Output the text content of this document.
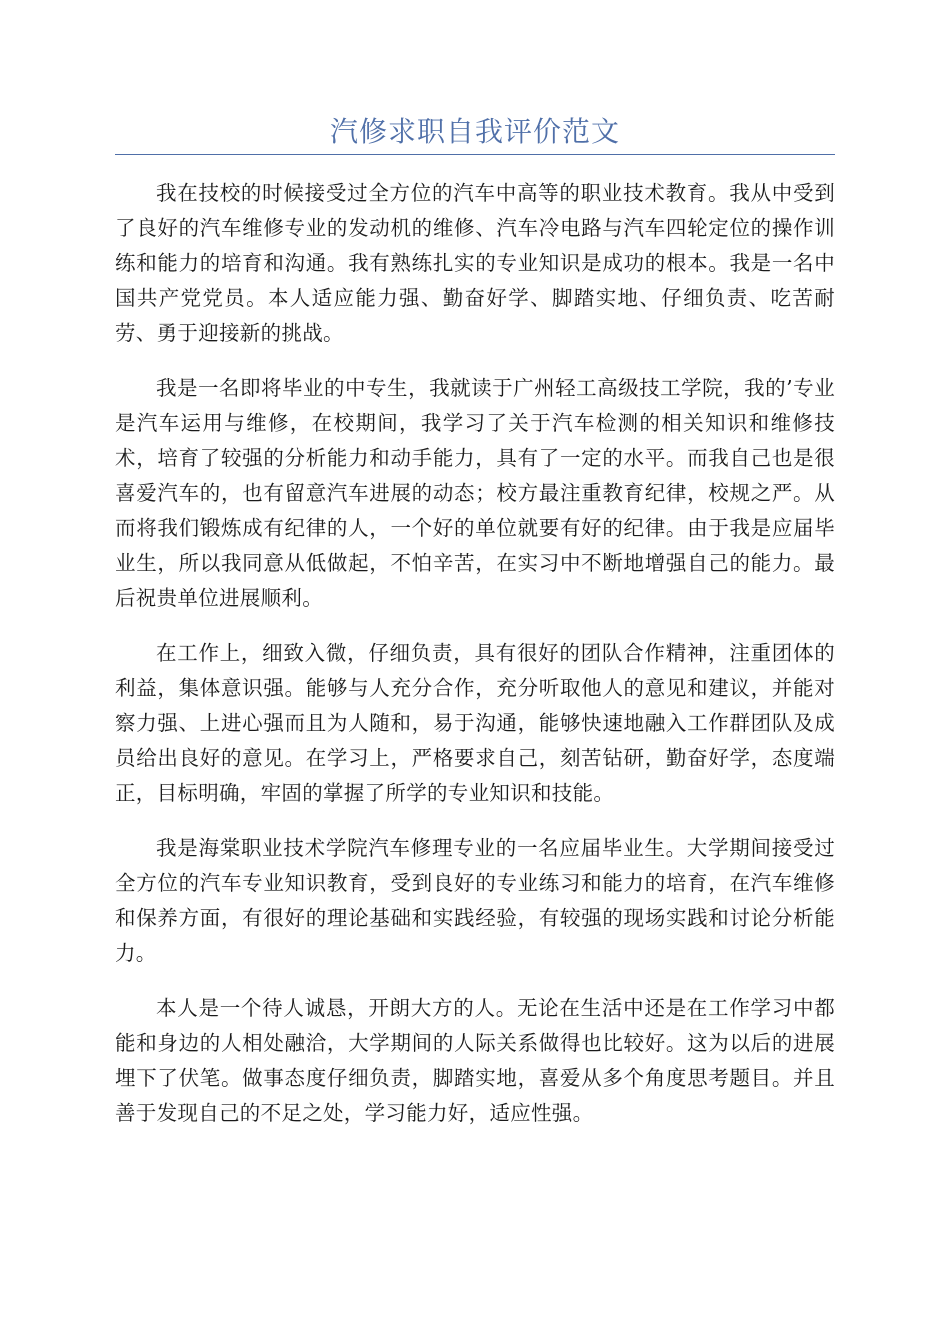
汽修求职自我评价范文

我在技校的时候接受过全方位的汽车中高等的职业技术教育。我从中受到了良好的汽车维修专业的发动机的维修、汽车冷电路与汽车四轮定位的操作训练和能力的培育和沟通。我有熟练扎实的专业知识是成功的根本。我是一名中国共产党党员。本人适应能力强、勤奋好学、脚踏实地、仔细负责、吃苦耐劳、勇于迎接新的挑战。

我是一名即将毕业的中专生，我就读于广州轻工高级技工学院，我的’专业是汽车运用与维修，在校期间，我学习了关于汽车检测的相关知识和维修技术，培育了较强的分析能力和动手能力，具有了一定的水平。而我自己也是很喜爱汽车的，也有留意汽车进展的动态；校方最注重教育纪律，校规之严。从而将我们锻炼成有纪律的人，一个好的单位就要有好的纪律。由于我是应届毕业生，所以我同意从低做起，不怕辛苦，在实习中不断地增强自己的能力。最后祝贵单位进展顺利。

在工作上，细致入微，仔细负责，具有很好的团队合作精神，注重团体的利益，集体意识强。能够与人充分合作，充分听取他人的意见和建议，并能对察力强、上进心强而且为人随和，易于沟通，能够快速地融入工作群团队及成员给出良好的意见。在学习上，严格要求自己，刻苦钻研，勤奋好学，态度端正，目标明确，牢固的掌握了所学的专业知识和技能。

我是海棠职业技术学院汽车修理专业的一名应届毕业生。大学期间接受过全方位的汽车专业知识教育，受到良好的专业练习和能力的培育，在汽车维修和保养方面，有很好的理论基础和实践经验，有较强的现场实践和讨论分析能力。

本人是一个待人诚恳，开朗大方的人。无论在生活中还是在工作学习中都能和身边的人相处融洽，大学期间的人际关系做得也比较好。这为以后的进展埋下了伏笔。做事态度仔细负责，脚踏实地，喜爱从多个角度思考题目。并且善于发现自己的不足之处，学习能力好，适应性强。
